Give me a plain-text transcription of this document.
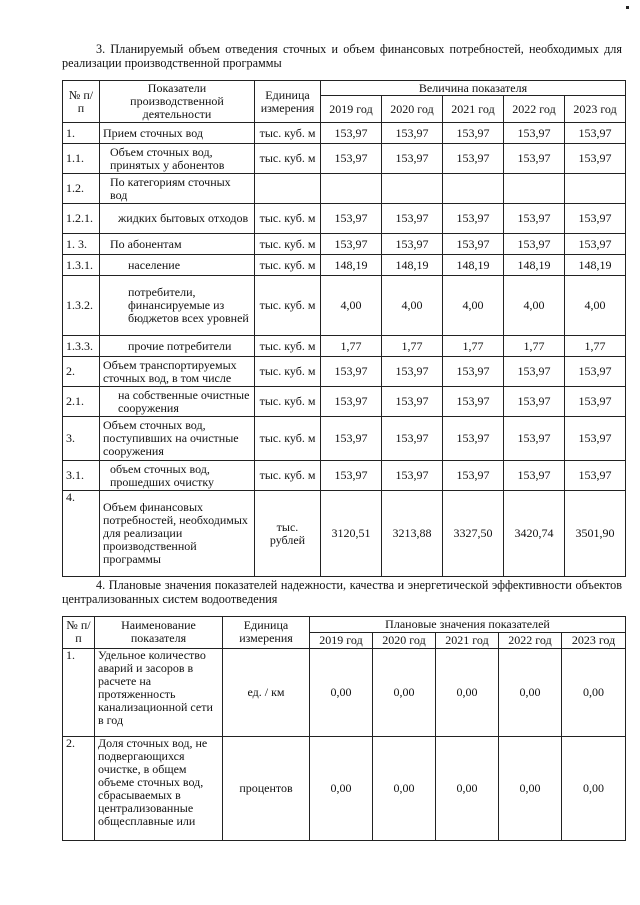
3. Планируемый объем отведения сточных и объем финансовых потребностей, необходимых для реализации производственной программы
№ п/п	Показатели производственной деятельности	Единица измерения	Величина показателя				
			2019 год	2020 год	2021 год	2022 год	2023 год
1.	Прием сточных вод	тыс. куб. м	153,97	153,97	153,97	153,97	153,97
1.1.	Объем сточных вод, принятых у абонентов	тыс. куб. м	153,97	153,97	153,97	153,97	153,97
1.2.	По категориям сточных вод						
1.2.1.	жидких бытовых отходов	тыс. куб. м	153,97	153,97	153,97	153,97	153,97
1. 3.	По абонентам	тыс. куб. м	153,97	153,97	153,97	153,97	153,97
1.3.1.	население	тыс. куб. м	148,19	148,19	148,19	148,19	148,19
1.3.2.	потребители, финансируемые из бюджетов всех уровней	тыс. куб. м	4,00	4,00	4,00	4,00	4,00
1.3.3.	прочие потребители	тыс. куб. м	1,77	1,77	1,77	1,77	1,77
2.	Объем транспортируемых сточных вод, в том числе	тыс. куб. м	153,97	153,97	153,97	153,97	153,97
2.1.	на собственные очистные сооружения	тыс. куб. м	153,97	153,97	153,97	153,97	153,97
3.	Объем сточных вод, поступивших на очистные сооружения	тыс. куб. м	153,97	153,97	153,97	153,97	153,97
3.1.	объем сточных вод, прошедших очистку	тыс. куб. м	153,97	153,97	153,97	153,97	153,97
4.	Объем финансовых потребностей, необходимых для реализации производственной программы	тыс. рублей	3120,51	3213,88	3327,50	3420,74	3501,90
4. Плановые значения показателей надежности, качества и энергетической эффективности объектов централизованных систем водоотведения
№ п/п	Наименование показателя	Единица измерения	Плановые значения показателей				
			2019 год	2020 год	2021 год	2022 год	2023 год
1.	Удельное количество аварий и засоров в расчете на протяженность канализационной сети в год	ед. / км	0,00	0,00	0,00	0,00	0,00
2.	Доля сточных вод, не подвергающихся очистке, в общем объеме сточных вод, сбрасываемых в централизованные общесплавные или	процентов	0,00	0,00	0,00	0,00	0,00
